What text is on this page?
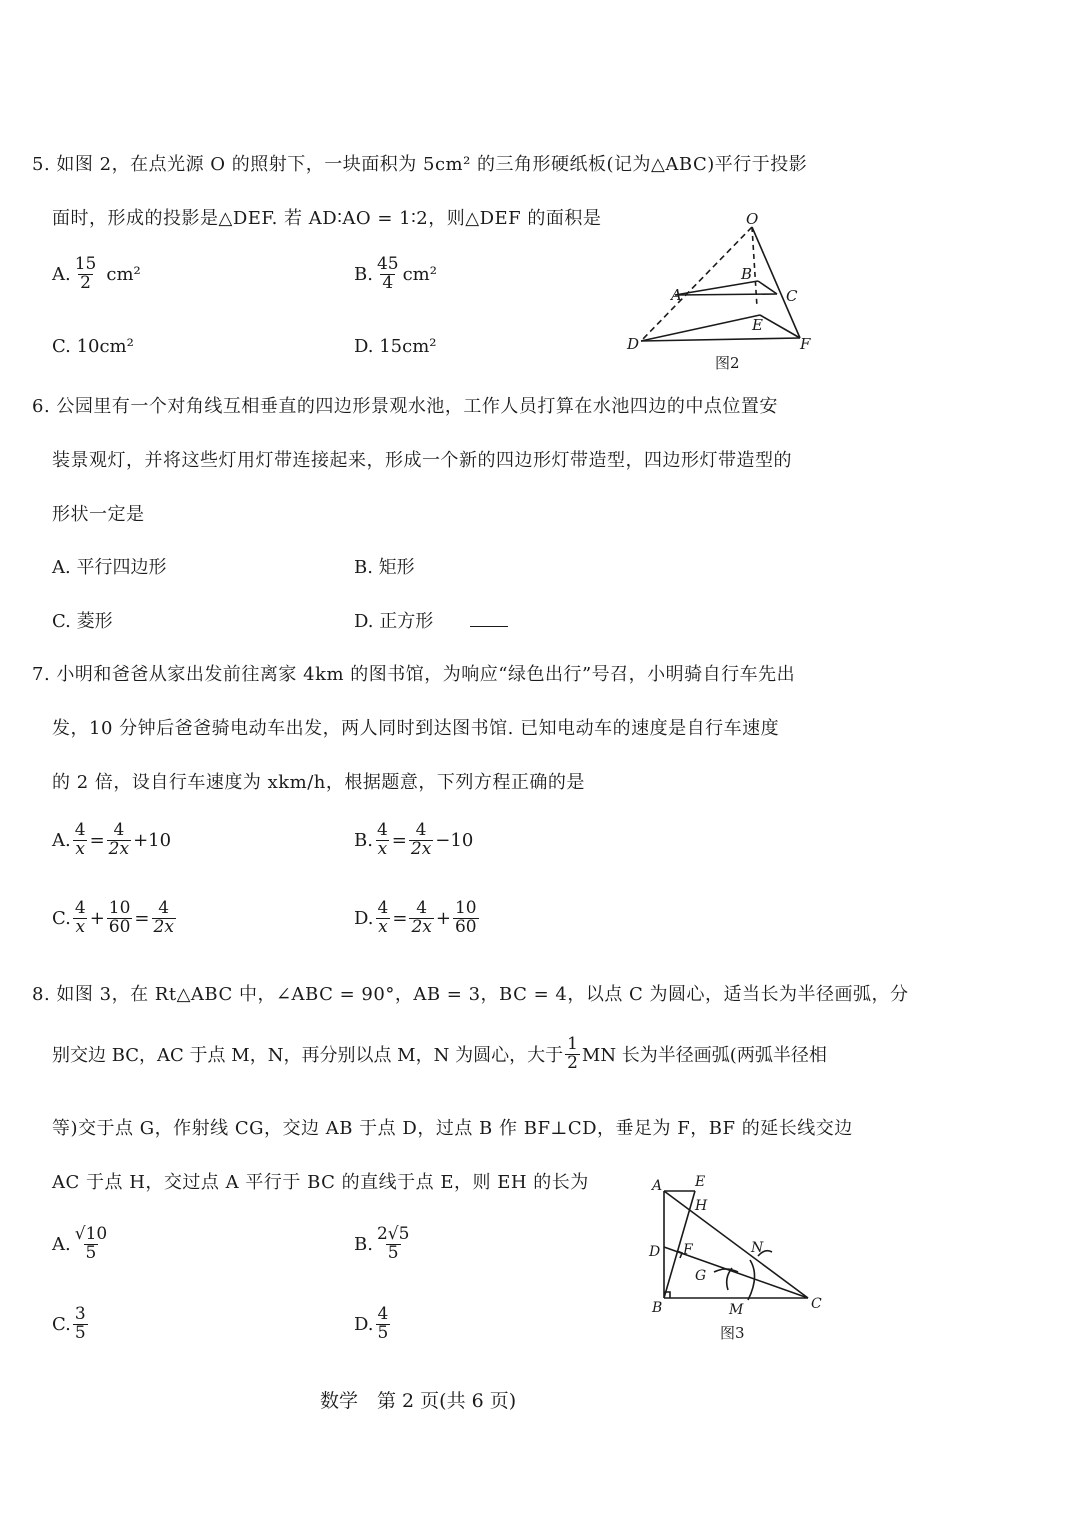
5. 如图 2，在点光源 O 的照射下，一块面积为 5cm² 的三角形硬纸板(记为△ABC)平行于投影
面时，形成的投影是△DEF. 若 AD∶AO = 1∶2，则△DEF 的面积是
A. $\frac{15}{2} cm^2$	B. $\frac{45}{4} cm^2$
C. 10cm²	D. 15cm²
O
A
B
C
D
E
F
图2
6. 公园里有一个对角线互相垂直的四边形景观水池，工作人员打算在水池四边的中点位置安
装景观灯，并将这些灯用灯带连接起来，形成一个新的四边形灯带造型，四边形灯带造型的
形状一定是
A. 平行四边形	B. 矩形
C. 菱形	D. 正方形
7. 小明和爸爸从家出发前往离家 4km 的图书馆，为响应“绿色出行”号召，小明骑自行车先出
发，10 分钟后爸爸骑电动车出发，两人同时到达图书馆. 已知电动车的速度是自行车速度
的 2 倍，设自行车速度为 xkm/h，根据题意，下列方程正确的是
A. $\frac{4}{x} = \frac{4}{2x} +10$	B. $\frac{4}{x} = \frac{4}{2x} -10$
C. $\frac{4}{x} + \frac{10}{60} = \frac{4}{2x}$	D. $\frac{4}{x} = \frac{4}{2x} + \frac{10}{60}$
8. 如图 3，在 Rt△ABC 中，∠ABC = 90°，AB = 3，BC = 4，以点 C 为圆心，适当长为半径画弧，分
别交边 BC，AC 于点 M，N，再分别以点 M，N 为圆心，大于 $\frac{1}{2}$ MN 长为半径画弧(两弧半径相
等)交于点 G，作射线 CG，交边 AB 于点 D，过点 B 作 BF⊥CD，垂足为 F，BF 的延长线交边
AC 于点 H，交过点 A 平行于 BC 的直线于点 E，则 EH 的长为
A. $\frac{√10}{5}$	B. $\frac{2√5}{5}$
C. $\frac{3}{5}$	D. $\frac{4}{5}$
A E
H
D F
G
N
B	M	C
图3
数学　第 2 页(共 6 页)
